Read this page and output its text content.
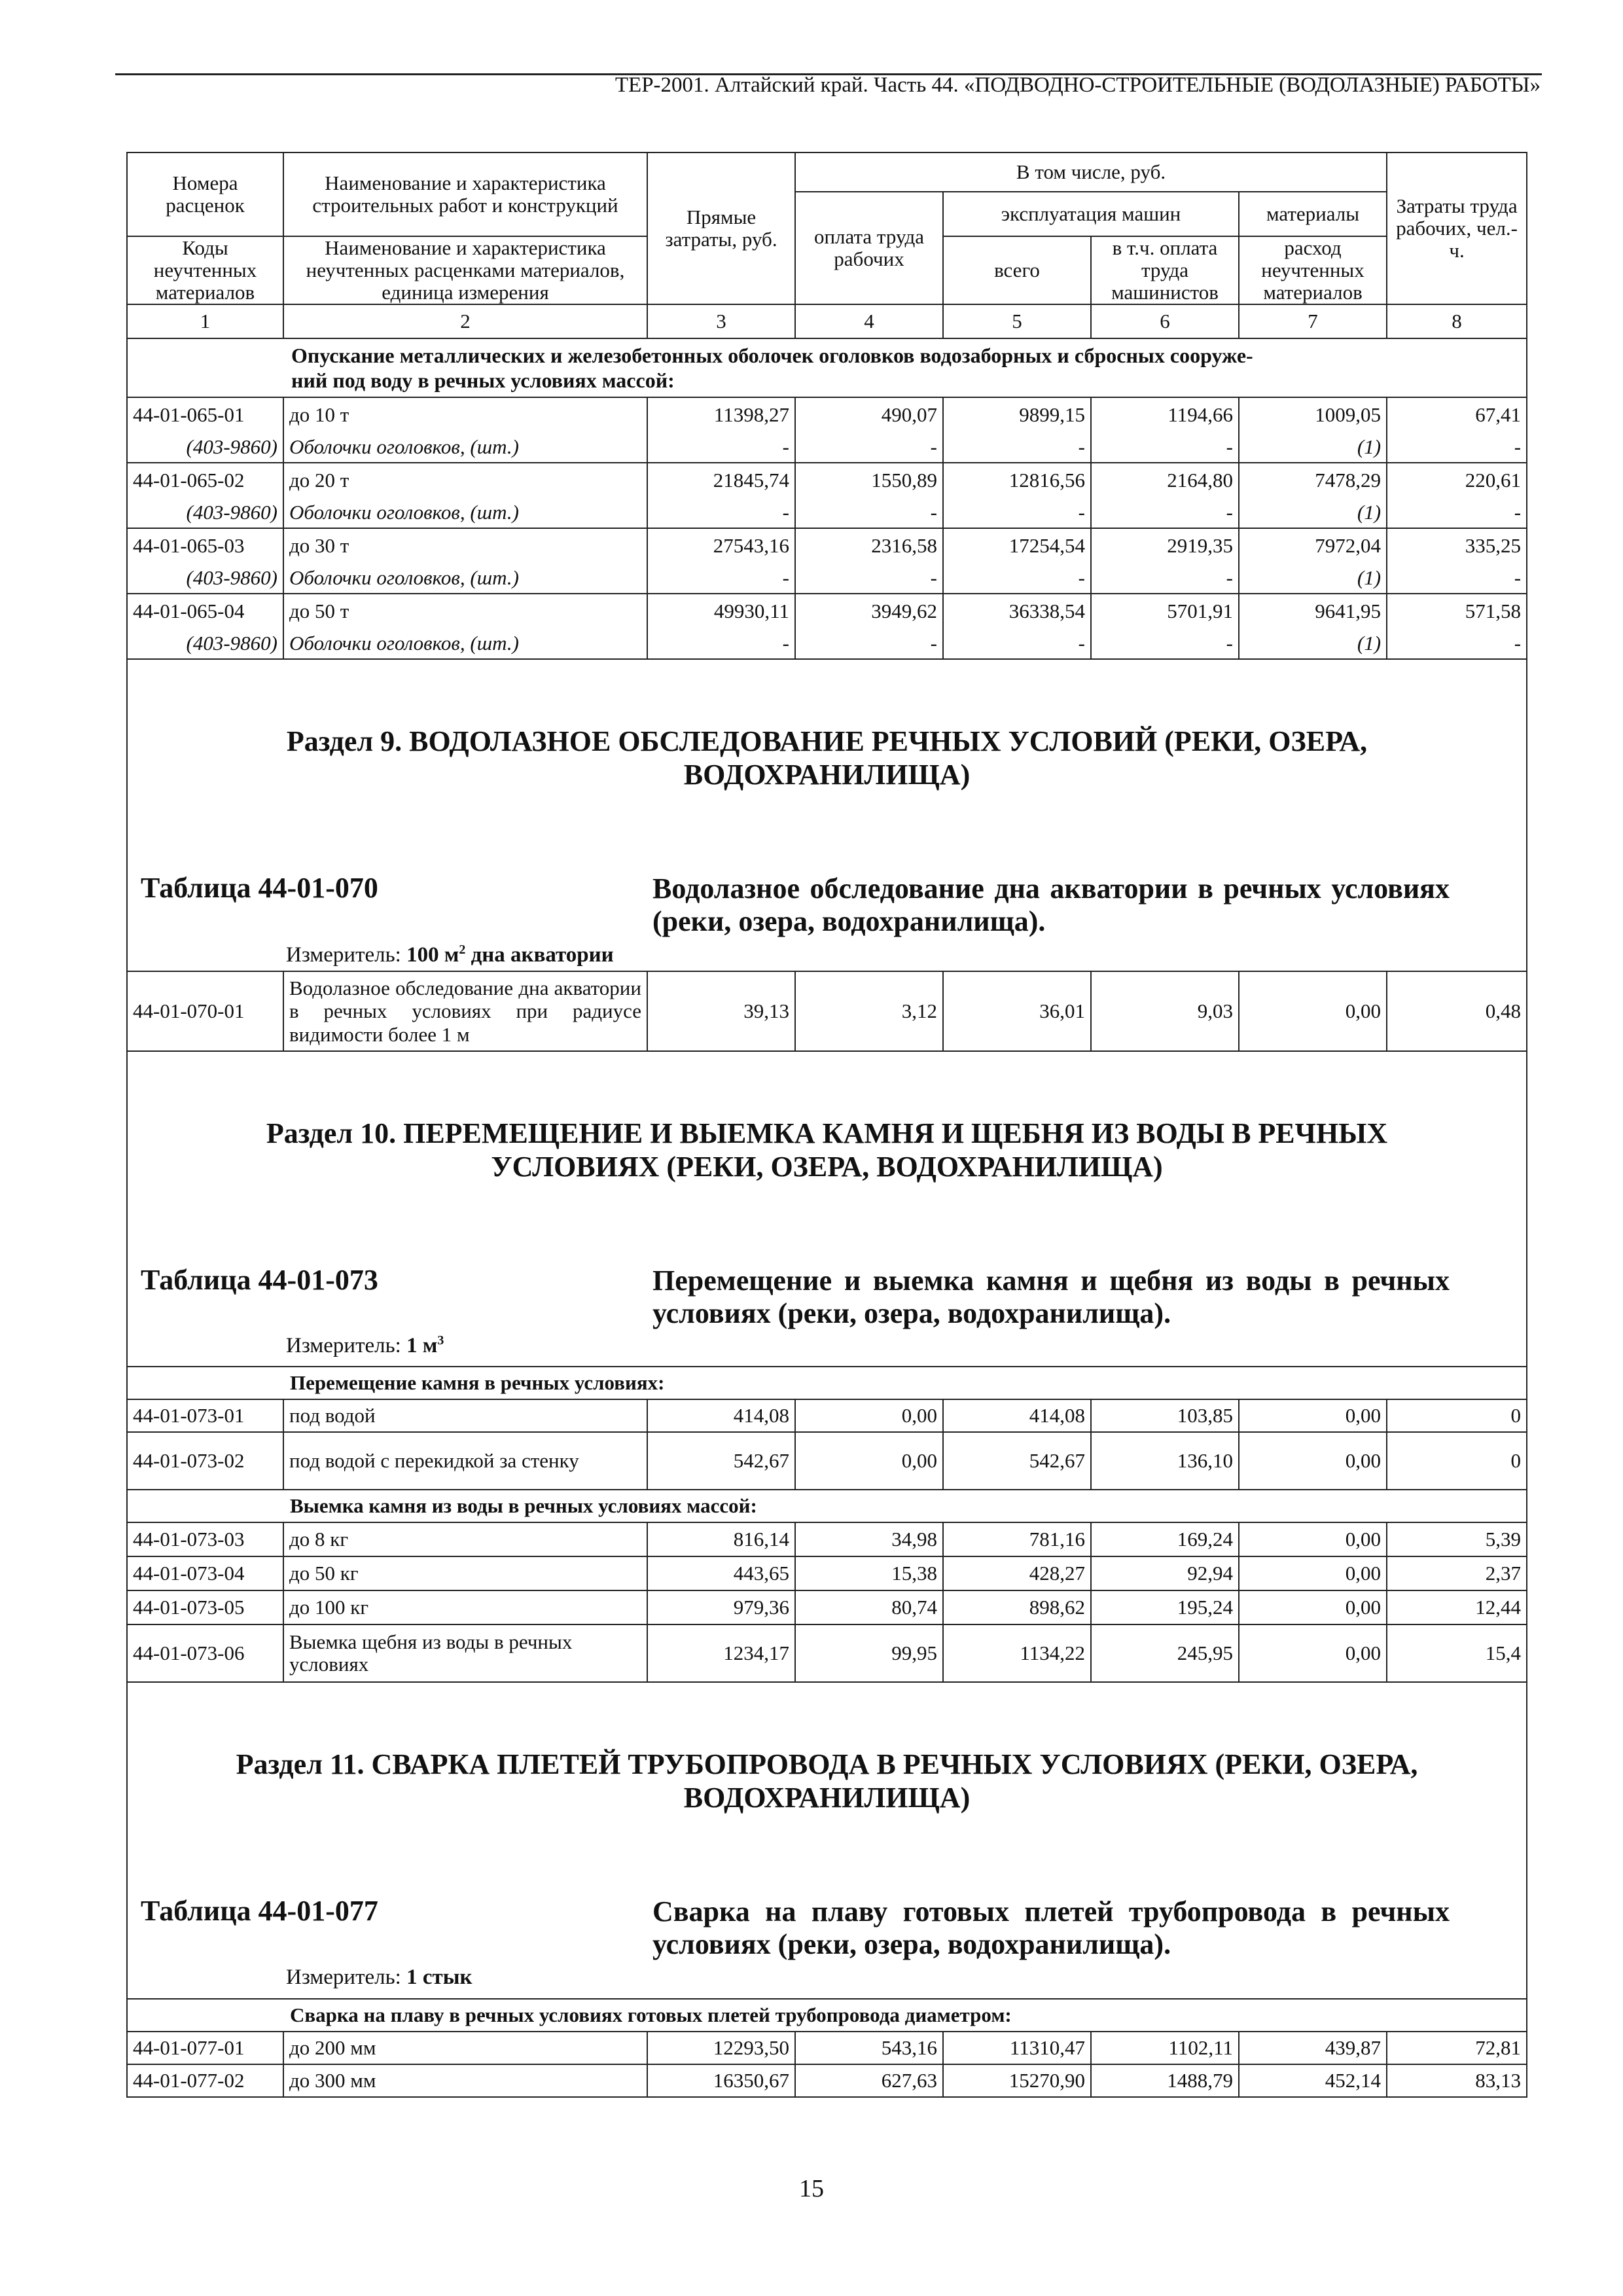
ТЕР-2001. Алтайский край. Часть 44. «ПОДВОДНО-СТРОИТЕЛЬНЫЕ (ВОДОЛАЗНЫЕ) РАБОТЫ»
Номера расценок	Наименование и характеристика строительных работ и конструкций	Прямые затраты, руб.	В том числе, руб.				Затраты труда рабочих, чел.-ч.
			оплата труда рабочих	эксплуатация машин		материалы	
Коды неучтенных материалов	Наименование и характеристика неучтенных расценками материалов, единица измерения			всего	в т.ч. оплата труда машинистов	расход неучтенных материалов	
1	2	3	4	5	6	7	8

Опускание металлических и железобетонных оболочек оголовков водозаборных и сбросных сооруже-
ний под воду в речных условиях массой:							

44-01-065-01	до 10 т	11398,27	490,07	9899,15	1194,66	1009,05	67,41
(403-9860)	Оболочки оголовков, (шт.)	-	-	-	-	(1)	-
44-01-065-02	до 20 т	21845,74	1550,89	12816,56	2164,80	7478,29	220,61
(403-9860)	Оболочки оголовков, (шт.)	-	-	-	-	(1)	-
44-01-065-03	до 30 т	27543,16	2316,58	17254,54	2919,35	7972,04	335,25
(403-9860)	Оболочки оголовков, (шт.)	-	-	-	-	(1)	-
44-01-065-04	до 50 т	49930,11	3949,62	36338,54	5701,91	9641,95	571,58
(403-9860)	Оболочки оголовков, (шт.)	-	-	-	-	(1)	-

Раздел 9. ВОДОЛАЗНОЕ ОБСЛЕДОВАНИЕ РЕЧНЫХ УСЛОВИЙ (РЕКИ, ОЗЕРА,
ВОДОХРАНИЛИЩА)
Таблица 44-01-070 Водолазное обследование дна акватории в речных условиях (реки, озера, водохранилища).
Измеритель: 100 $м^2$ дна акватории							

44-01-070-01	Водолазное обследование дна акватории в речных условиях при радиусе видимости более 1 м	39,13	3,12	36,01	9,03	0,00	0,48

Раздел 10. ПЕРЕМЕЩЕНИЕ И ВЫЕМКА КАМНЯ И ЩЕБНЯ ИЗ ВОДЫ В РЕЧНЫХ
УСЛОВИЯХ (РЕКИ, ОЗЕРА, ВОДОХРАНИЛИЩА)
Таблица 44-01-073 Перемещение и выемка камня и щебня из воды в речных условиях (реки, озера, водохранилища).
Измеритель: 1 $м^3$

Перемещение камня в речных условиях:							
44-01-073-01	под водой	414,08	0,00	414,08	103,85	0,00	0
44-01-073-02	под водой с перекидкой за стенку	542,67	0,00	542,67	136,10	0,00	0
Выемка камня из воды в речных условиях массой:							
44-01-073-03	до 8 кг	816,14	34,98	781,16	169,24	0,00	5,39
44-01-073-04	до 50 кг	443,65	15,38	428,27	92,94	0,00	2,37
44-01-073-05	до 100 кг	979,36	80,74	898,62	195,24	0,00	12,44
44-01-073-06	Выемка щебня из воды в речных условиях	1234,17	99,95	1134,22	245,95	0,00	15,4

Раздел 11. СВАРКА ПЛЕТЕЙ ТРУБОПРОВОДА В РЕЧНЫХ УСЛОВИЯХ (РЕКИ, ОЗЕРА,
ВОДОХРАНИЛИЩА)
Таблица 44-01-077 Сварка на плаву готовых плетей трубопровода в речных условиях (реки, озера, водохранилища).
Измеритель: 1 стык							

Сварка на плаву в речных условиях готовых плетей трубопровода диаметром:							
44-01-077-01	до 200 мм	12293,50	543,16	11310,47	1102,11	439,87	72,81
44-01-077-02	до 300 мм	16350,67	627,63	15270,90	1488,79	452,14	83,13
15
